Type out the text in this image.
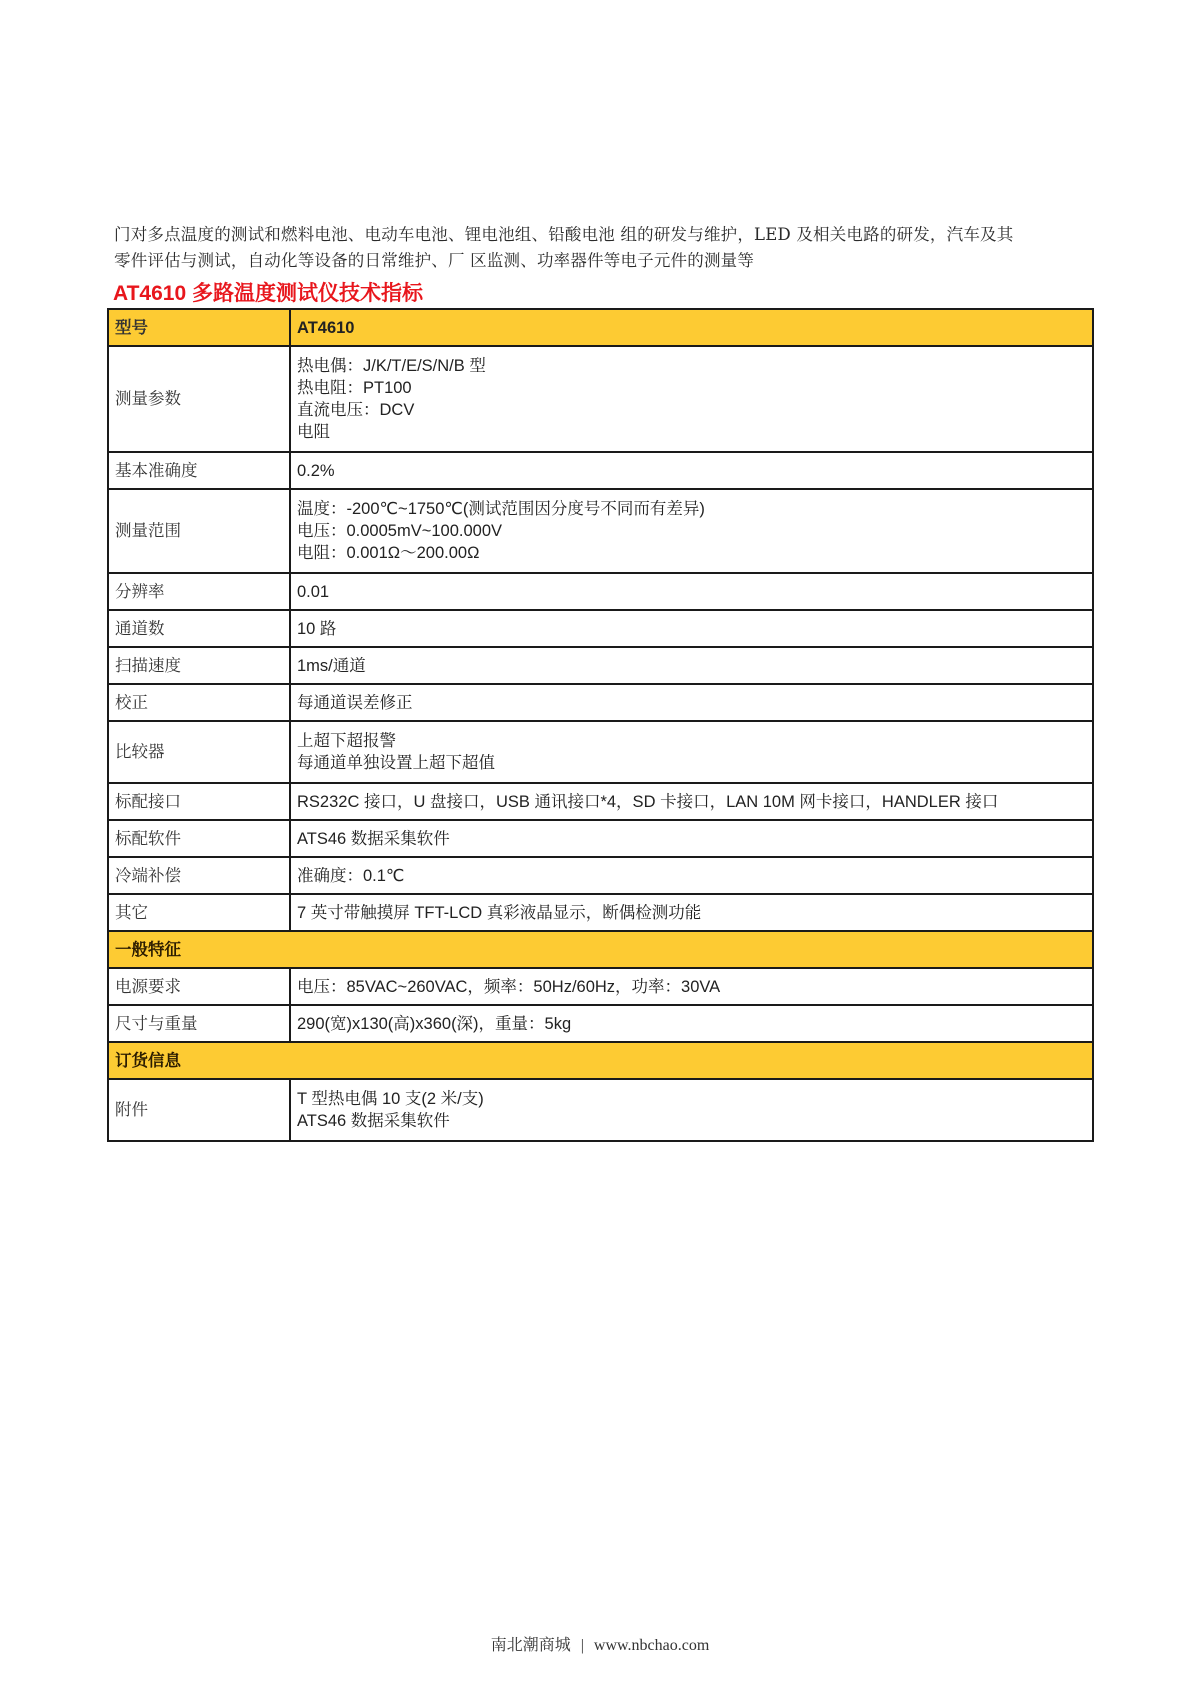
门对多点温度的测试和燃料电池、电动车电池、锂电池组、铅酸电池 组的研发与维护，LED 及相关电路的研发，汽车及其
零件评估与测试，自动化等设备的日常维护、厂 区监测、功率器件等电子元件的测量等
AT4610 多路温度测试仪技术指标
型号	AT4610
测量参数	热电偶：J/K/T/E/S/N/B 型
热电阻：PT100
直流电压：DCV
电阻

基本准确度	0.2%

测量范围	温度：-200℃~1750℃(测试范围因分度号不同而有差异)
电压：0.0005mV~100.000V
电阻：0.001Ω～200.00Ω

分辨率	0.01

通道数	10 路

扫描速度	1ms/通道

校正	每通道误差修正

比较器	上超下超报警
每通道单独设置上超下超值

标配接口	RS232C 接口，U 盘接口，USB 通讯接口*4，SD 卡接口，LAN 10M 网卡接口，HANDLER 接口

标配软件	ATS46 数据采集软件

冷端补偿	准确度：0.1℃

其它	7 英寸带触摸屏 TFT-LCD 真彩液晶显示，断偶检测功能

一般特征	
电源要求	电压：85VAC~260VAC，频率：50Hz/60Hz，功率：30VA

尺寸与重量	290(宽)x130(高)x360(深)，重量：5kg

订货信息	
附件	T 型热电偶 10 支(2 米/支)
ATS46 数据采集软件
南北潮商城 | www.nbchao.com
